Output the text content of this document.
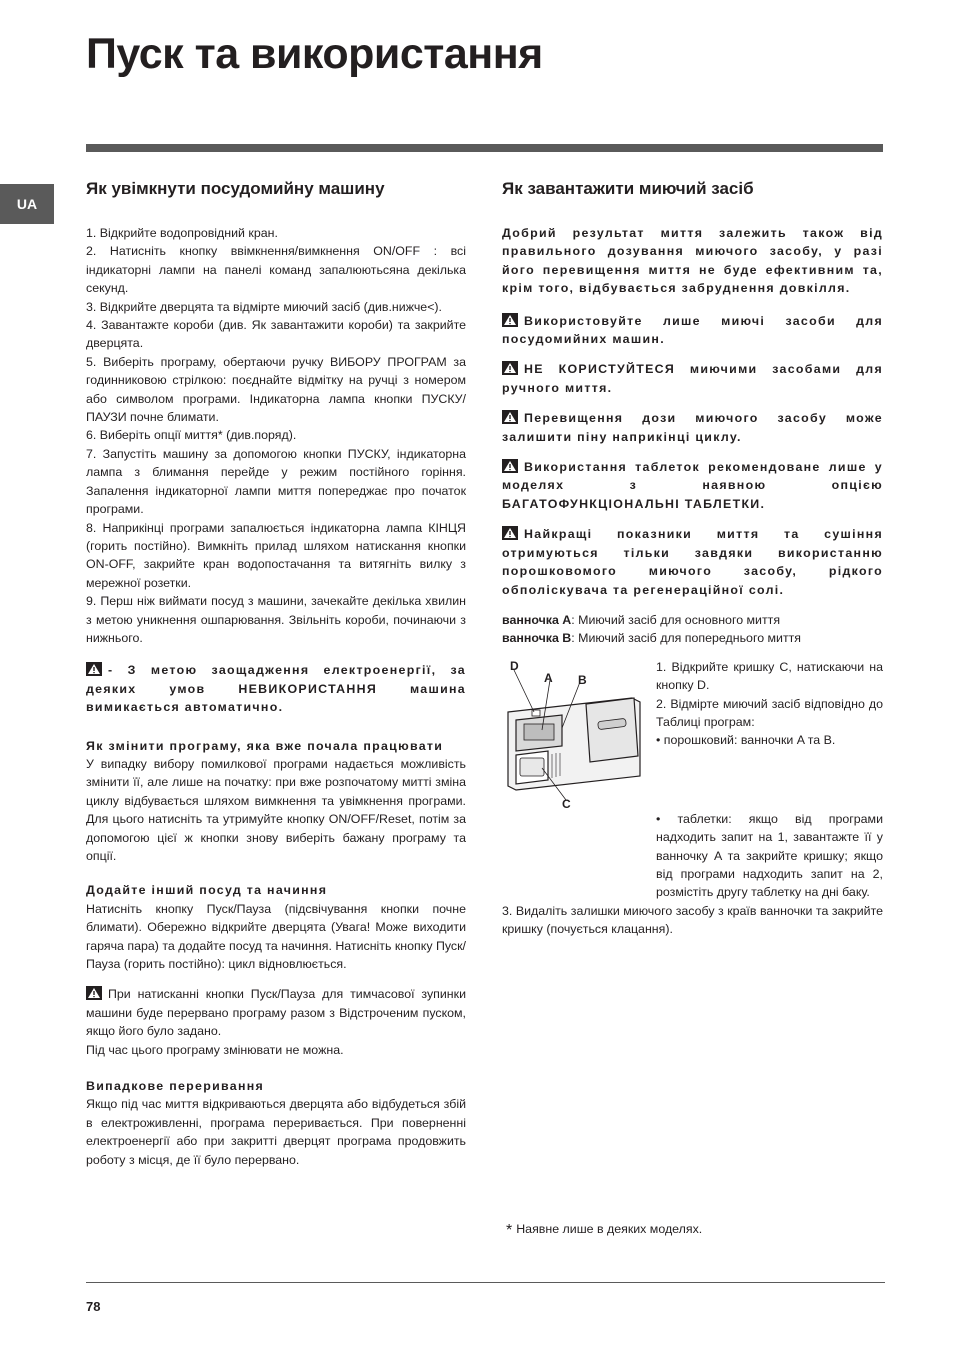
Пуск та використання
UA
Як увімкнути посудомийну машину

1. Відкрийте водопровідний кран.

2. Натисніть кнопку ввімкнення/вимкнення ON/OFF : всі індикаторні лампи на панелі команд запалюютьсяна декілька секунд.

3. Відкрийте дверцята та відмірте миючий засіб (див.нижче<).

4. Завантажте короби (див. Як завантажити короби) та закрийте дверцята.

5. Виберіть програму, обертаючи ручку ВИБОРУ ПРОГРАМ за годинниковою стрілкою: поєднайте відмітку на ручці з номером або символом програми. Індикаторна лампа кнопки ПУСКУ/ПАУЗИ почне блимати.

6. Виберіть опції миття* (див.поряд).

7. Запустіть машину за допомогою кнопки ПУСКУ, індикаторна лампа з блимання перейде у режим постійного горіння. Запалення індикаторної лампи миття попереджає про початок програми.

8. Наприкінці програми запалюється індикаторна лампа КІНЦЯ (горить постійно). Вимкніть прилад шляхом натискання кнопки ON-OFF, закрийте кран водопостачання та витягніть вилку з мережної розетки.

9. Перш ніж виймати посуд з машини, зачекайте декілька хвилин з метою уникнення ошпарювання. Звільніть короби, починаючи з нижнього.

- З метою заощадження електроенергії, за деяких умов НЕВИКОРИСТАННЯ машина вимикається автоматично.

Як змінити програму, яка вже почала працювати

У випадку вибору помилкової програми надається можливість змінити її, але лише на початку: при вже розпочатому митті зміна циклу відбувається шляхом вимкнення та увімкнення програми. Для цього натисніть та утримуйте кнопку ON/OFF/Reset, потім за допомогою цієї ж кнопки знову виберіть бажану програму та опції.

Додайте інший посуд та начиння

Натисніть кнопку Пуск/Пауза (підсвічування кнопки почне блимати). Обережно відкрийте дверцята (Увага! Може виходити гаряча пара) та додайте посуд та начиння. Натисніть кнопку Пуск/Пауза (горить постійно): цикл відновлюється.

При натисканні кнопки Пуск/Пауза для тимчасової зупинки машини буде перервано програму разом з Відстроченим пуском, якщо його було задано.

Під час цього програму змінювати не можна.

Випадкове переривання

Якщо під час миття відкриваються дверцята або відбудеться збій в електроживленні, програма переривається. При поверненні електроенергії або при закритті дверцят програма продовжить роботу з місця, де її було перервано.

Як завантажити миючий засіб

Добрий результат миття залежить також від правильного дозування миючого засобу, у разі його перевищення миття не буде ефективним та, крім того, відбувається забруднення довкілля.

Використовуйте лише миючі засоби для посудомийних машин.

НЕ КОРИСТУЙТЕСЯ миючими засобами для ручного миття.

Перевищення дози миючого засобу може залишити піну наприкінці циклу.

Використання таблеток рекомендоване лише у моделях з наявною опцією БАГАТОФУНКЦІОНАЛЬНІ ТАБЛЕТКИ.

Найкращі показники миття та сушіння отримуються тільки завдяки використанню порошковомого миючого засобу, рідкого обполіскувача та регенераційної солі.

ванночка A: Миючий засіб для основного миття

ванночка B: Миючий засіб для попереднього миття

D
A B
C

1. Відкрийте кришку C, натискаючи на кнопку D.

2. Відмірте миючий засіб відповідно до Таблиці програм:

• порошковий: ванночки A та B.

• таблетки: якщо від програми надходить запит на 1, завантажте її у ванночку A та закрийте кришку; якщо від програми надходить запит на 2, розмістіть другу таблетку на дні баку.

3. Видаліть залишки миючого засобу з країв ванночки та закрийте кришку (почується клацання).

* Наявне лише в деяких моделях.
78
